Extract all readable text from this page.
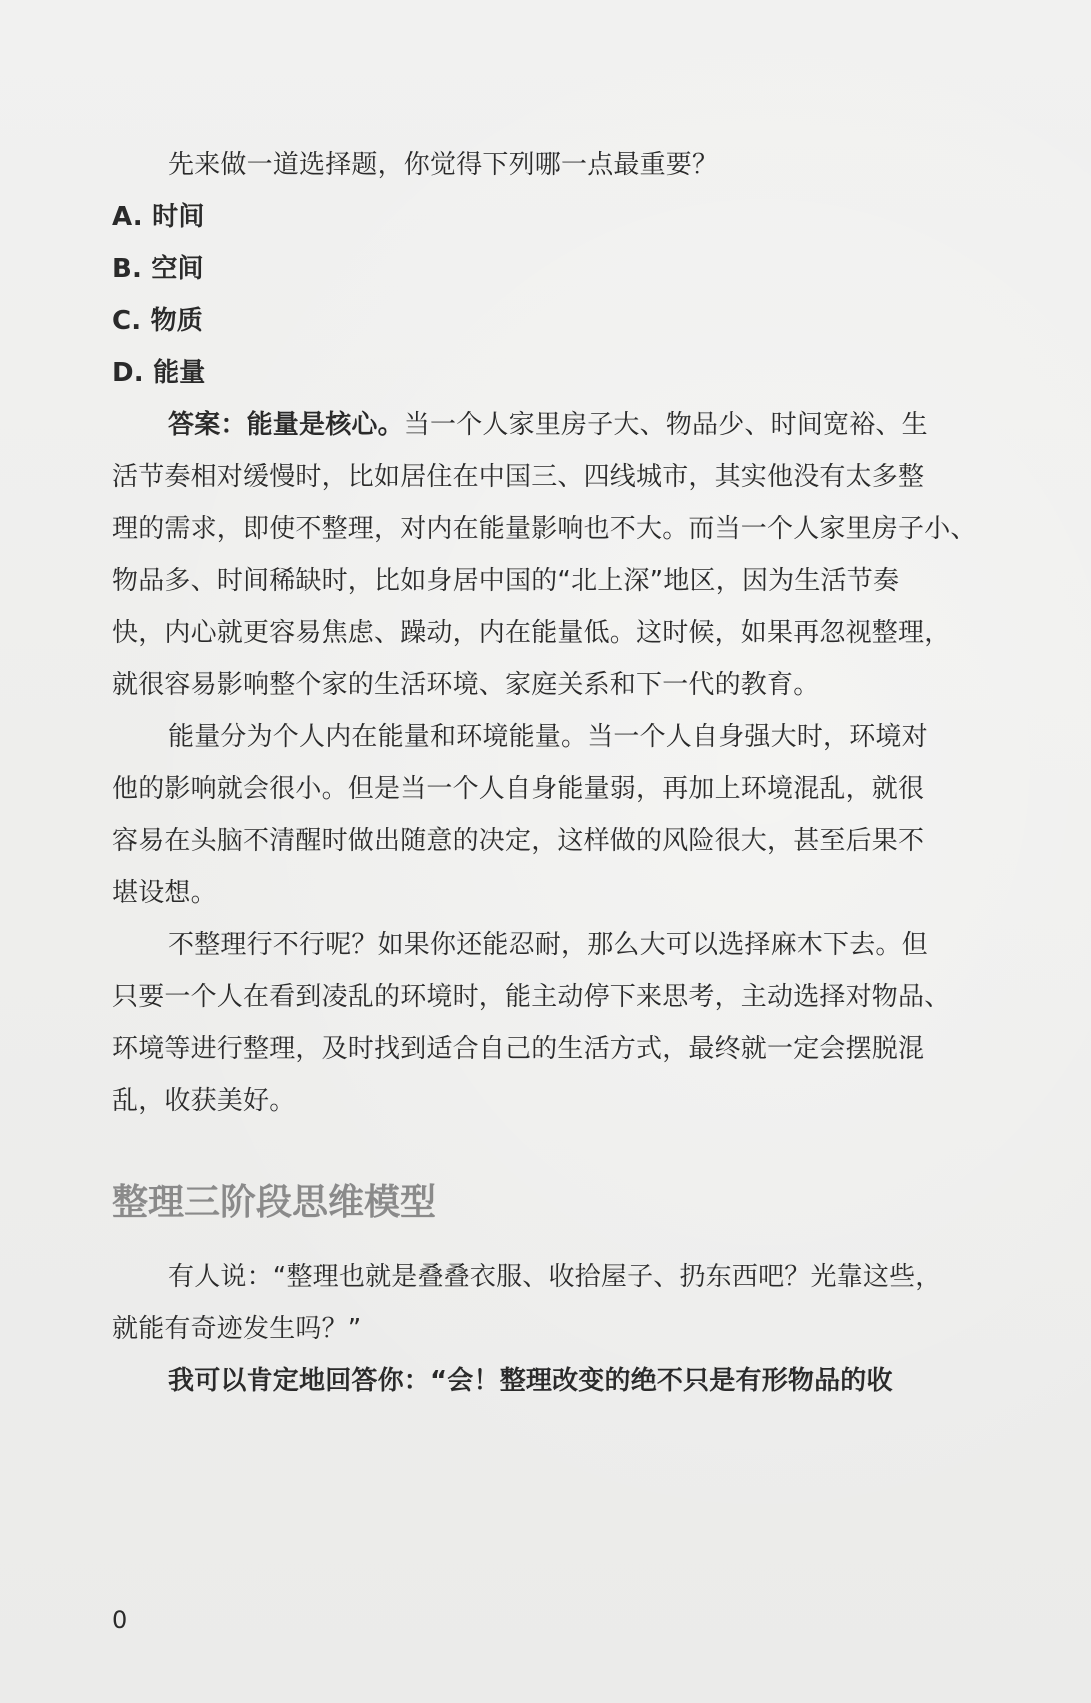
先来做一道选择题，你觉得下列哪一点最重要？
A. 时间
B. 空间
C. 物质
D. 能量
答案：能量是核心。当一个人家里房子大、物品少、时间宽裕、生
活节奏相对缓慢时，比如居住在中国三、四线城市，其实他没有太多整
理的需求，即使不整理，对内在能量影响也不大。而当一个人家里房子小、
物品多、时间稀缺时，比如身居中国的“北上深”地区，因为生活节奏
快，内心就更容易焦虑、躁动，内在能量低。这时候，如果再忽视整理，
就很容易影响整个家的生活环境、家庭关系和下一代的教育。
能量分为个人内在能量和环境能量。当一个人自身强大时，环境对
他的影响就会很小。但是当一个人自身能量弱，再加上环境混乱，就很
容易在头脑不清醒时做出随意的决定，这样做的风险很大，甚至后果不
堪设想。
不整理行不行呢？如果你还能忍耐，那么大可以选择麻木下去。但
只要一个人在看到凌乱的环境时，能主动停下来思考，主动选择对物品、
环境等进行整理，及时找到适合自己的生活方式，最终就一定会摆脱混
乱，收获美好。
整理三阶段思维模型
有人说：“整理也就是叠叠衣服、收拾屋子、扔东西吧？光靠这些，
就能有奇迹发生吗？”
我可以肯定地回答你：“会！整理改变的绝不只是有形物品的收
0
